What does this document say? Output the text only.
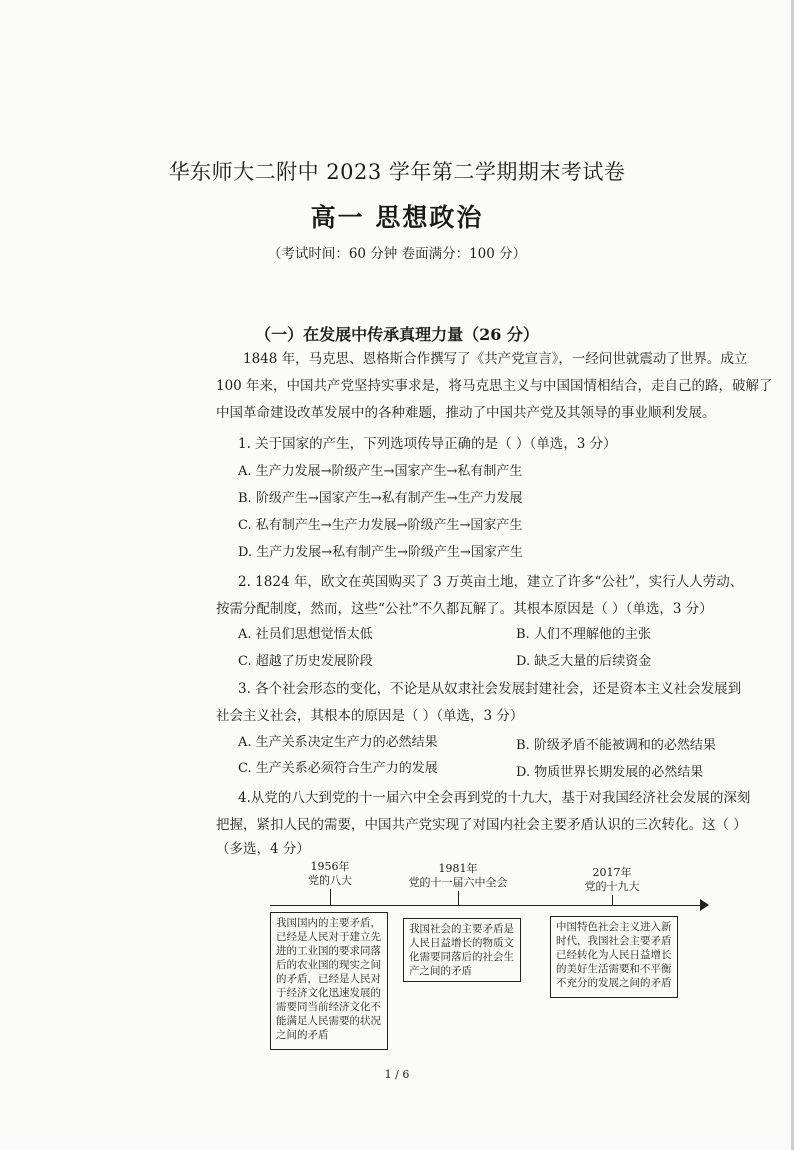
华东师大二附中 2023 学年第二学期期末考试卷
高一 思想政治
（考试时间：60 分钟 卷面满分：100 分）
（一）在发展中传承真理力量（26 分）
1848 年，马克思、恩格斯合作撰写了《共产党宣言》，一经问世就震动了世界。成立 100 年来，中国共产党坚持实事求是，将马克思主义与中国国情相结合，走自己的路，破解了中国革命建设改革发展中的各种难题，推动了中国共产党及其领导的事业顺利发展。
1. 关于国家的产生，下列选项传导正确的是（ ）（单选，3 分）
A. 生产力发展→阶级产生→国家产生→私有制产生
B. 阶级产生→国家产生→私有制产生→生产力发展
C. 私有制产生→生产力发展→阶级产生→国家产生
D. 生产力发展→私有制产生→阶级产生→国家产生
2. 1824 年，欧文在英国购买了 3 万英亩土地，建立了许多“公社”，实行人人劳动、
按需分配制度，然而，这些“公社”不久都瓦解了。其根本原因是（ ）（单选，3 分）
A. 社员们思想觉悟太低	B. 人们不理解他的主张
C. 超越了历史发展阶段	D. 缺乏大量的后续资金
3. 各个社会形态的变化，不论是从奴隶社会发展封建社会，还是资本主义社会发展到
社会主义社会，其根本的原因是（ ）（单选，3 分）
A. 生产关系决定生产力的必然结果	B. 阶级矛盾不能被调和的必然结果
C. 生产关系必须符合生产力的发展	D. 物质世界长期发展的必然结果
4.从党的八大到党的十一届六中全会再到党的十九大，基于对我国经济社会发展的深刻
把握，紧扣人民的需要，中国共产党实现了对国内社会主要矛盾认识的三次转化。这（ ）
（多选，4 分）
1956年
党的八大
我国国内的主要矛盾，已经是人民对于建立先进的工业国的要求同落后的农业国的现实之间的矛盾，已经是人民对于经济文化迅速发展的需要同当前经济文化不能满足人民需要的状况之间的矛盾
1981年
党的十一届六中全会
我国社会的主要矛盾是人民日益增长的物质文化需要同落后的社会生产之间的矛盾
2017年
党的十九大
中国特色社会主义进入新时代，我国社会主要矛盾已经转化为人民日益增长的美好生活需要和不平衡不充分的发展之间的矛盾
1 / 6
